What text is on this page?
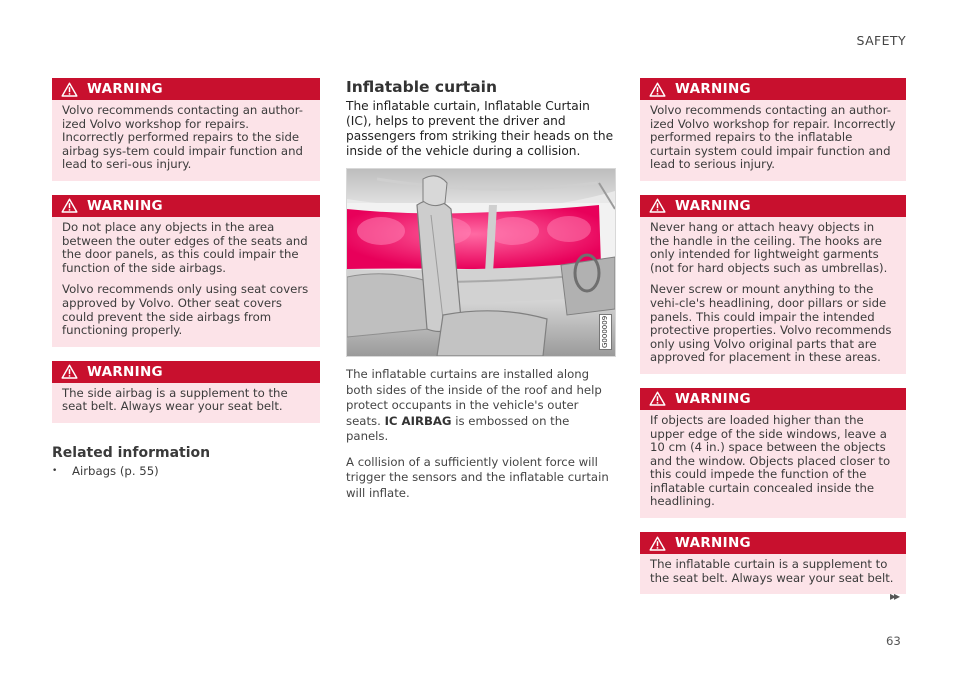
SAFETY
WARNING

Volvo recommends contacting an author-ized Volvo workshop for repairs. Incorrectly performed repairs to the side airbag sys-tem could impair function and lead to seri-ous injury.

WARNING

Do not place any objects in the area between the outer edges of the seats and the door panels, as this could impair the function of the side airbags.

Volvo recommends only using seat covers approved by Volvo. Other seat covers could prevent the side airbags from functioning properly.

WARNING

The side airbag is a supplement to the seat belt. Always wear your seat belt.

Related information
•	Airbags (p. 55)
Inflatable curtain

The inflatable curtain, Inflatable Curtain (IC), helps to prevent the driver and passengers from striking their heads on the inside of the vehicle during a collision.

G000009

The inflatable curtains are installed along both sides of the inside of the roof and help protect occupants in the vehicle's outer seats. IC AIRBAG is embossed on the panels.

A collision of a sufficiently violent force will trigger the sensors and the inflatable curtain will inflate.

WARNING

Volvo recommends contacting an author-ized Volvo workshop for repair. Incorrectly performed repairs to the inflatable curtain system could impair function and lead to serious injury.

WARNING

Never hang or attach heavy objects in the handle in the ceiling. The hooks are only intended for lightweight garments (not for hard objects such as umbrellas).

Never screw or mount anything to the vehi-cle's headlining, door pillars or side panels. This could impair the intended protective properties. Volvo recommends only using Volvo original parts that are approved for placement in these areas.

WARNING

If objects are loaded higher than the upper edge of the side windows, leave a 10 cm (4 in.) space between the objects and the window. Objects placed closer to this could impede the function of the inflatable curtain concealed inside the headlining.

WARNING

The inflatable curtain is a supplement to the seat belt. Always wear your seat belt.

▸▸
63
